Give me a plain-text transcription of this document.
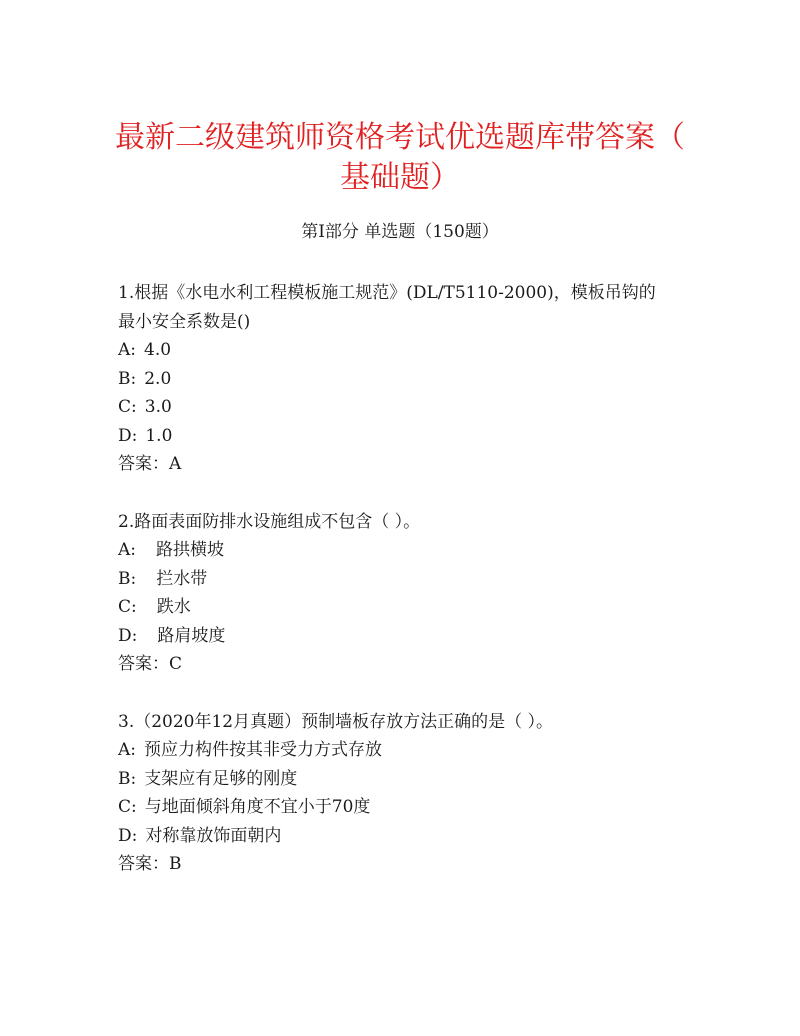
最新二级建筑师资格考试优选题库带答案（
基础题）
第I部分 单选题（150题）
1.根据《水电水利工程模板施工规范》(DL/T5110-2000)，模板吊钩的
最小安全系数是()
A: 4.0
B: 2.0
C: 3.0
D: 1.0
答案：A
2.路面表面防排水设施组成不包含（ ）。
A: 路拱横坡
B: 拦水带
C: 跌水
D: 路肩坡度
答案：C
3.（2020年12月真题）预制墙板存放方法正确的是（ ）。
A: 预应力构件按其非受力方式存放
B: 支架应有足够的刚度
C: 与地面倾斜角度不宜小于70度
D: 对称靠放饰面朝内
答案：B
